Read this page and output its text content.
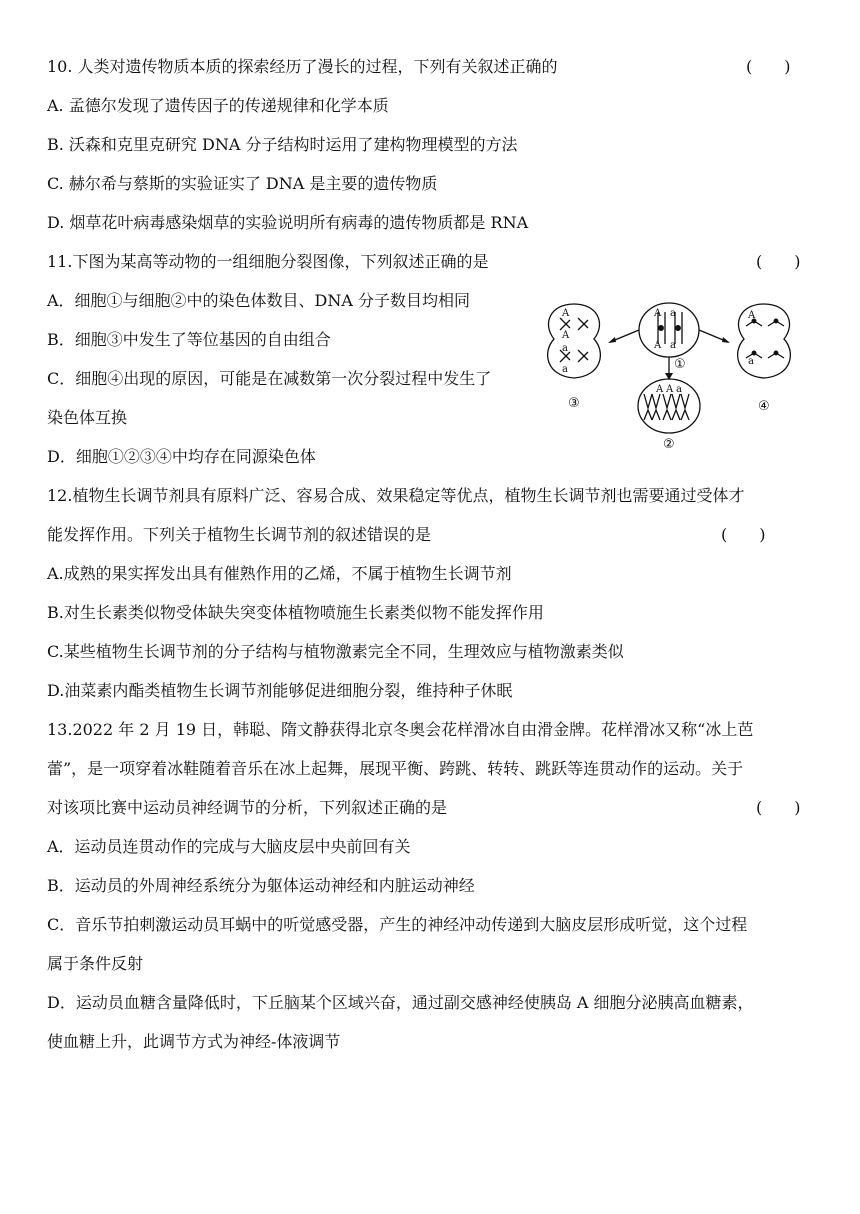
10. 人类对遗传物质本质的探索经历了漫长的过程，下列有关叙述正确的	(　　)
A. 孟德尔发现了遗传因子的传递规律和化学本质
B. 沃森和克里克研究 DNA 分子结构时运用了建构物理模型的方法
C. 赫尔希与蔡斯的实验证实了 DNA 是主要的遗传物质
D. 烟草花叶病毒感染烟草的实验说明所有病毒的遗传物质都是 RNA
11.下图为某高等动物的一组细胞分裂图像，下列叙述正确的是	(　　)
A．细胞①与细胞②中的染色体数目、DNA 分子数目均相同
B．细胞③中发生了等位基因的自由组合
C．细胞④出现的原因，可能是在减数第一次分裂过程中发生了
染色体互换
D．细胞①②③④中均存在同源染色体
A
A
a
a
A a
A a
A
a
A A a
①
②
③	④
12.植物生长调节剂具有原料广泛、容易合成、效果稳定等优点，植物生长调节剂也需要通过受体才
能发挥作用。下列关于植物生长调节剂的叙述错误的是	(　　)
A.成熟的果实挥发出具有催熟作用的乙烯，不属于植物生长调节剂
B.对生长素类似物受体缺失突变体植物喷施生长素类似物不能发挥作用
C.某些植物生长调节剂的分子结构与植物激素完全不同，生理效应与植物激素类似
D.油菜素内酯类植物生长调节剂能够促进细胞分裂，维持种子休眠
13.2022 年 2 月 19 日，韩聪、隋文静获得北京冬奥会花样滑冰自由滑金牌。花样滑冰又称“冰上芭
蕾”，是一项穿着冰鞋随着音乐在冰上起舞，展现平衡、跨跳、转转、跳跃等连贯动作的运动。关于
对该项比赛中运动员神经调节的分析，下列叙述正确的是	(　　)
A．运动员连贯动作的完成与大脑皮层中央前回有关
B．运动员的外周神经系统分为躯体运动神经和内脏运动神经
C．音乐节拍刺激运动员耳蜗中的听觉感受器，产生的神经冲动传递到大脑皮层形成听觉，这个过程
属于条件反射
D．运动员血糖含量降低时，下丘脑某个区域兴奋，通过副交感神经使胰岛 A 细胞分泌胰高血糖素，
使血糖上升，此调节方式为神经-体液调节
